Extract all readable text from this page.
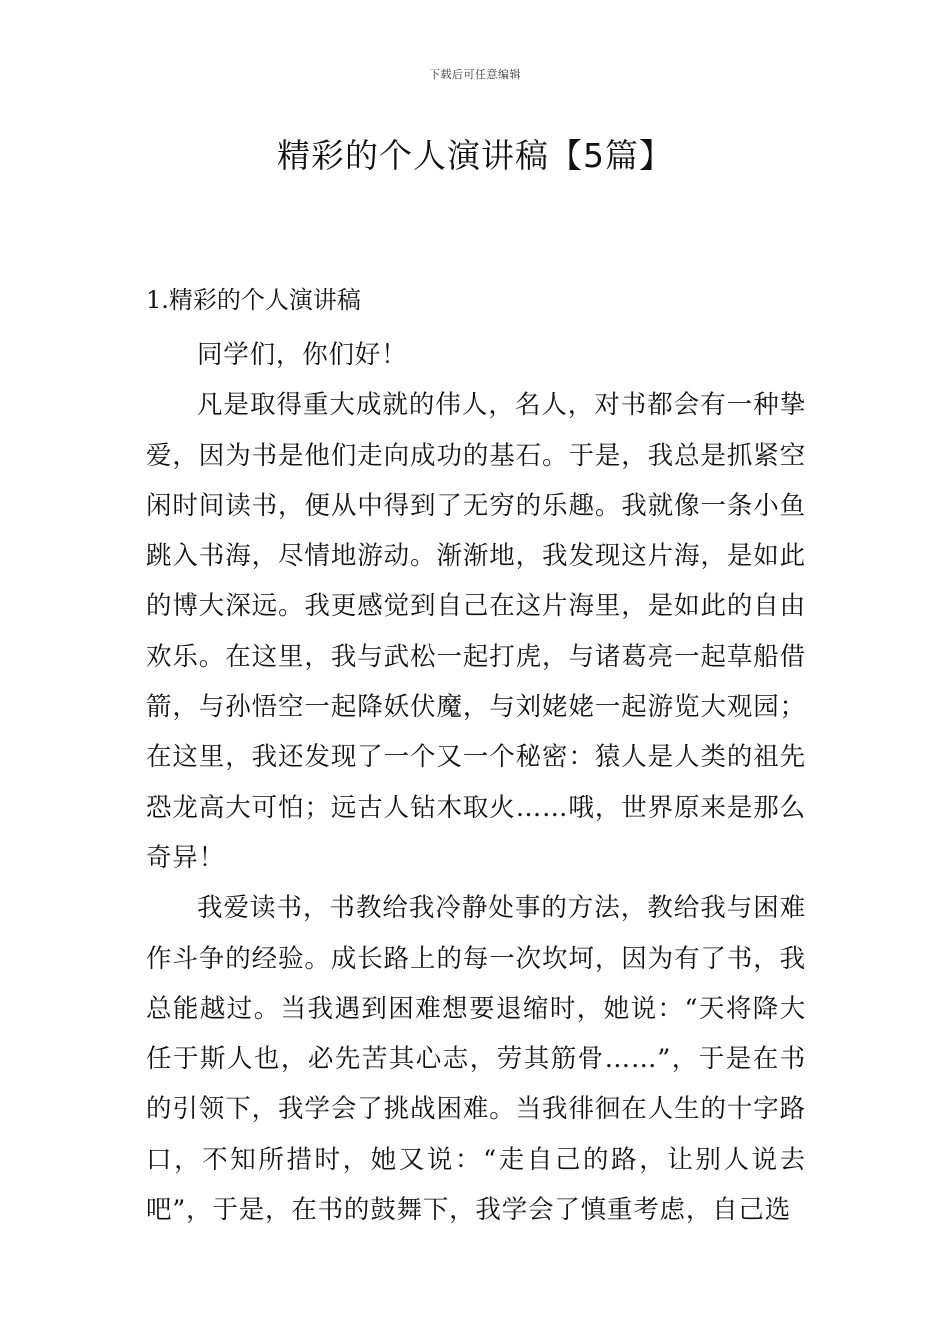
下载后可任意编辑
精彩的个人演讲稿【5篇】
1.精彩的个人演讲稿

同学们，你们好！

凡是取得重大成就的伟人，名人，对书都会有一种挚爱，因为书是他们走向成功的基石。于是，我总是抓紧空闲时间读书，便从中得到了无穷的乐趣。我就像一条小鱼跳入书海，尽情地游动。渐渐地，我发现这片海，是如此的博大深远。我更感觉到自己在这片海里，是如此的自由欢乐。在这里，我与武松一起打虎，与诸葛亮一起草船借箭，与孙悟空一起降妖伏魔，与刘姥姥一起游览大观园；在这里，我还发现了一个又一个秘密：猿人是人类的祖先恐龙高大可怕；远古人钻木取火……哦，世界原来是那么奇异！

我爱读书，书教给我冷静处事的方法，教给我与困难作斗争的经验。成长路上的每一次坎坷，因为有了书，我总能越过。当我遇到困难想要退缩时，她说：“天将降大任于斯人也，必先苦其心志，劳其筋骨……”，于是在书的引领下，我学会了挑战困难。当我徘徊在人生的十字路口，不知所措时，她又说：“走自己的路，让别人说去吧”，于是，在书的鼓舞下，我学会了慎重考虑，自己选
